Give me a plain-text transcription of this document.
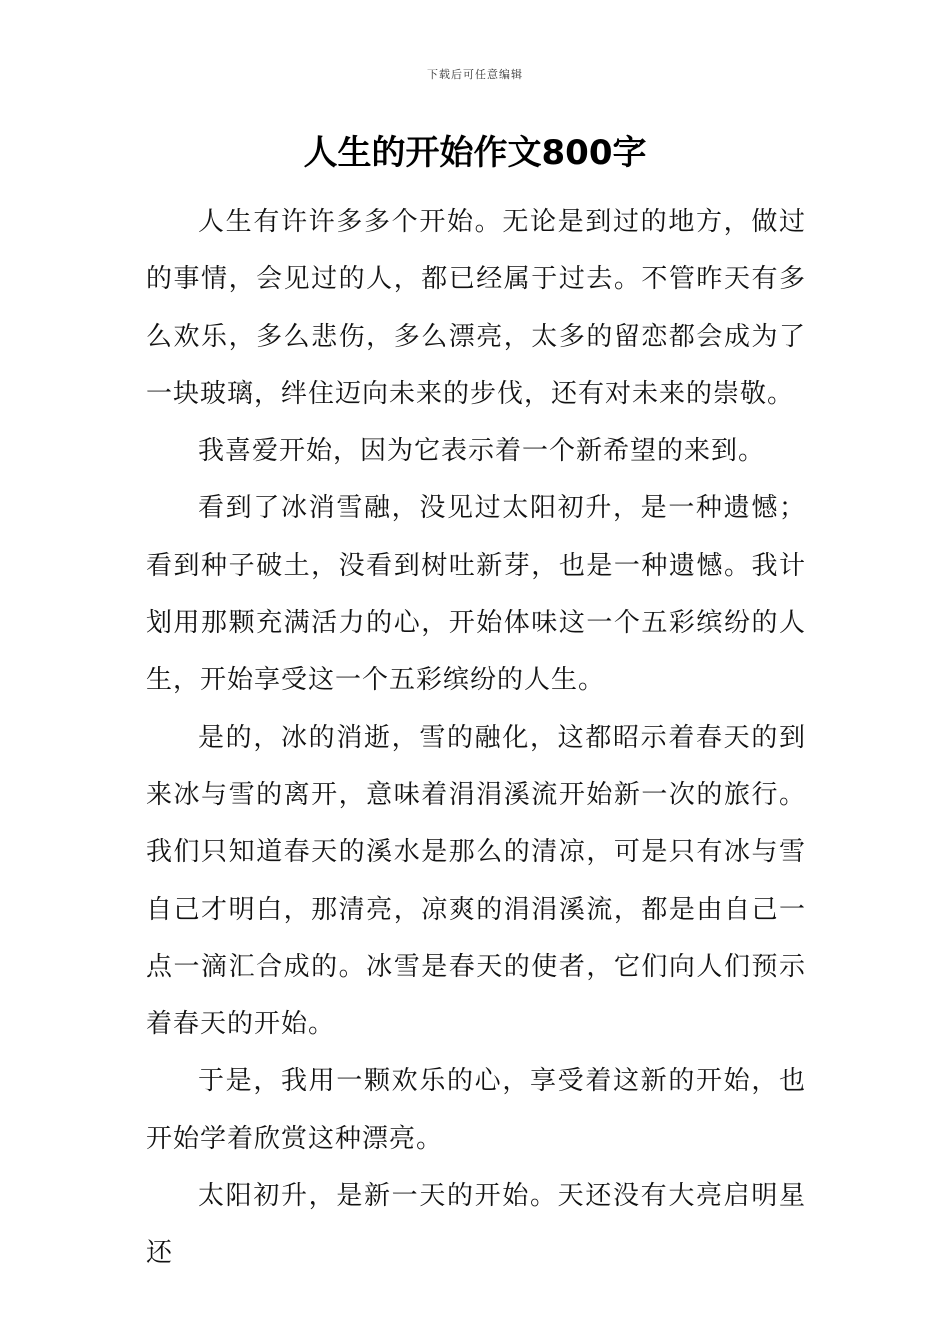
下载后可任意编辑
人生的开始作文800字

人生有许许多多个开始。无论是到过的地方，做过的事情，会见过的人，都已经属于过去。不管昨天有多么欢乐，多么悲伤，多么漂亮，太多的留恋都会成为了一块玻璃，绊住迈向未来的步伐，还有对未来的崇敬。

我喜爱开始，因为它表示着一个新希望的来到。

看到了冰消雪融，没见过太阳初升，是一种遗憾；看到种子破土，没看到树吐新芽，也是一种遗憾。我计划用那颗充满活力的心，开始体味这一个五彩缤纷的人生，开始享受这一个五彩缤纷的人生。

是的，冰的消逝，雪的融化，这都昭示着春天的到来冰与雪的离开，意味着涓涓溪流开始新一次的旅行。我们只知道春天的溪水是那么的清凉，可是只有冰与雪自己才明白，那清亮，凉爽的涓涓溪流，都是由自己一点一滴汇合成的。冰雪是春天的使者，它们向人们预示着春天的开始。

于是，我用一颗欢乐的心，享受着这新的开始，也开始学着欣赏这种漂亮。

太阳初升，是新一天的开始。天还没有大亮启明星还
